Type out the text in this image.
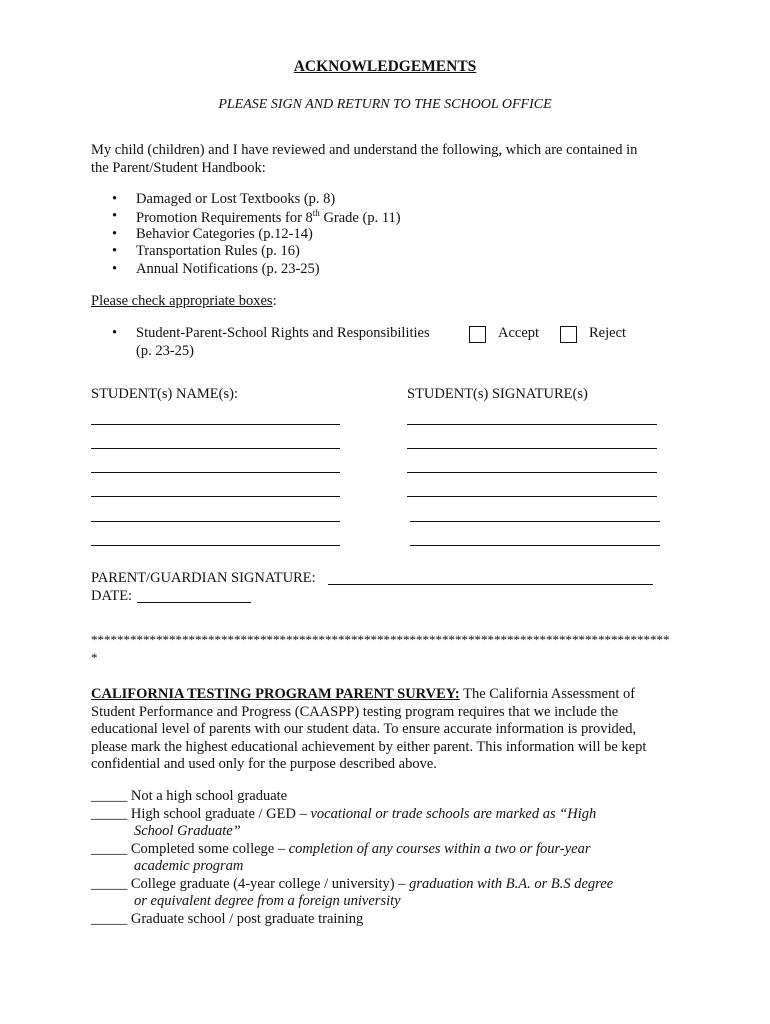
ACKNOWLEDGEMENTS
PLEASE SIGN AND RETURN TO THE SCHOOL OFFICE
My child (children) and I have reviewed and understand the following, which are contained in
the Parent/Student Handbook:
• Damaged or Lost Textbooks (p. 8)
• Promotion Requirements for 8th Grade (p. 11)
• Behavior Categories (p.12-14)
• Transportation Rules (p. 16)
• Annual Notifications (p. 23-25)
Please check appropriate boxes:
• Student-Parent-School Rights and Responsibilities
(p. 23-25)
Accept	Reject
STUDENT(s) NAME(s):	STUDENT(s) SIGNATURE(s)
PARENT/GUARDIAN SIGNATURE:
DATE:
*****************************************************************************************
*
CALIFORNIA TESTING PROGRAM PARENT SURVEY: The California Assessment of
Student Performance and Progress (CAASPP) testing program requires that we include the
educational level of parents with our student data. To ensure accurate information is provided,
please mark the highest educational achievement by either parent. This information will be kept
confidential and used only for the purpose described above.
_____ Not a high school graduate
_____ High school graduate / GED – vocational or trade schools are marked as “High
School Graduate”
_____ Completed some college – completion of any courses within a two or four-year
academic program
_____ College graduate (4-year college / university) – graduation with B.A. or B.S degree
or equivalent degree from a foreign university
_____ Graduate school / post graduate training
